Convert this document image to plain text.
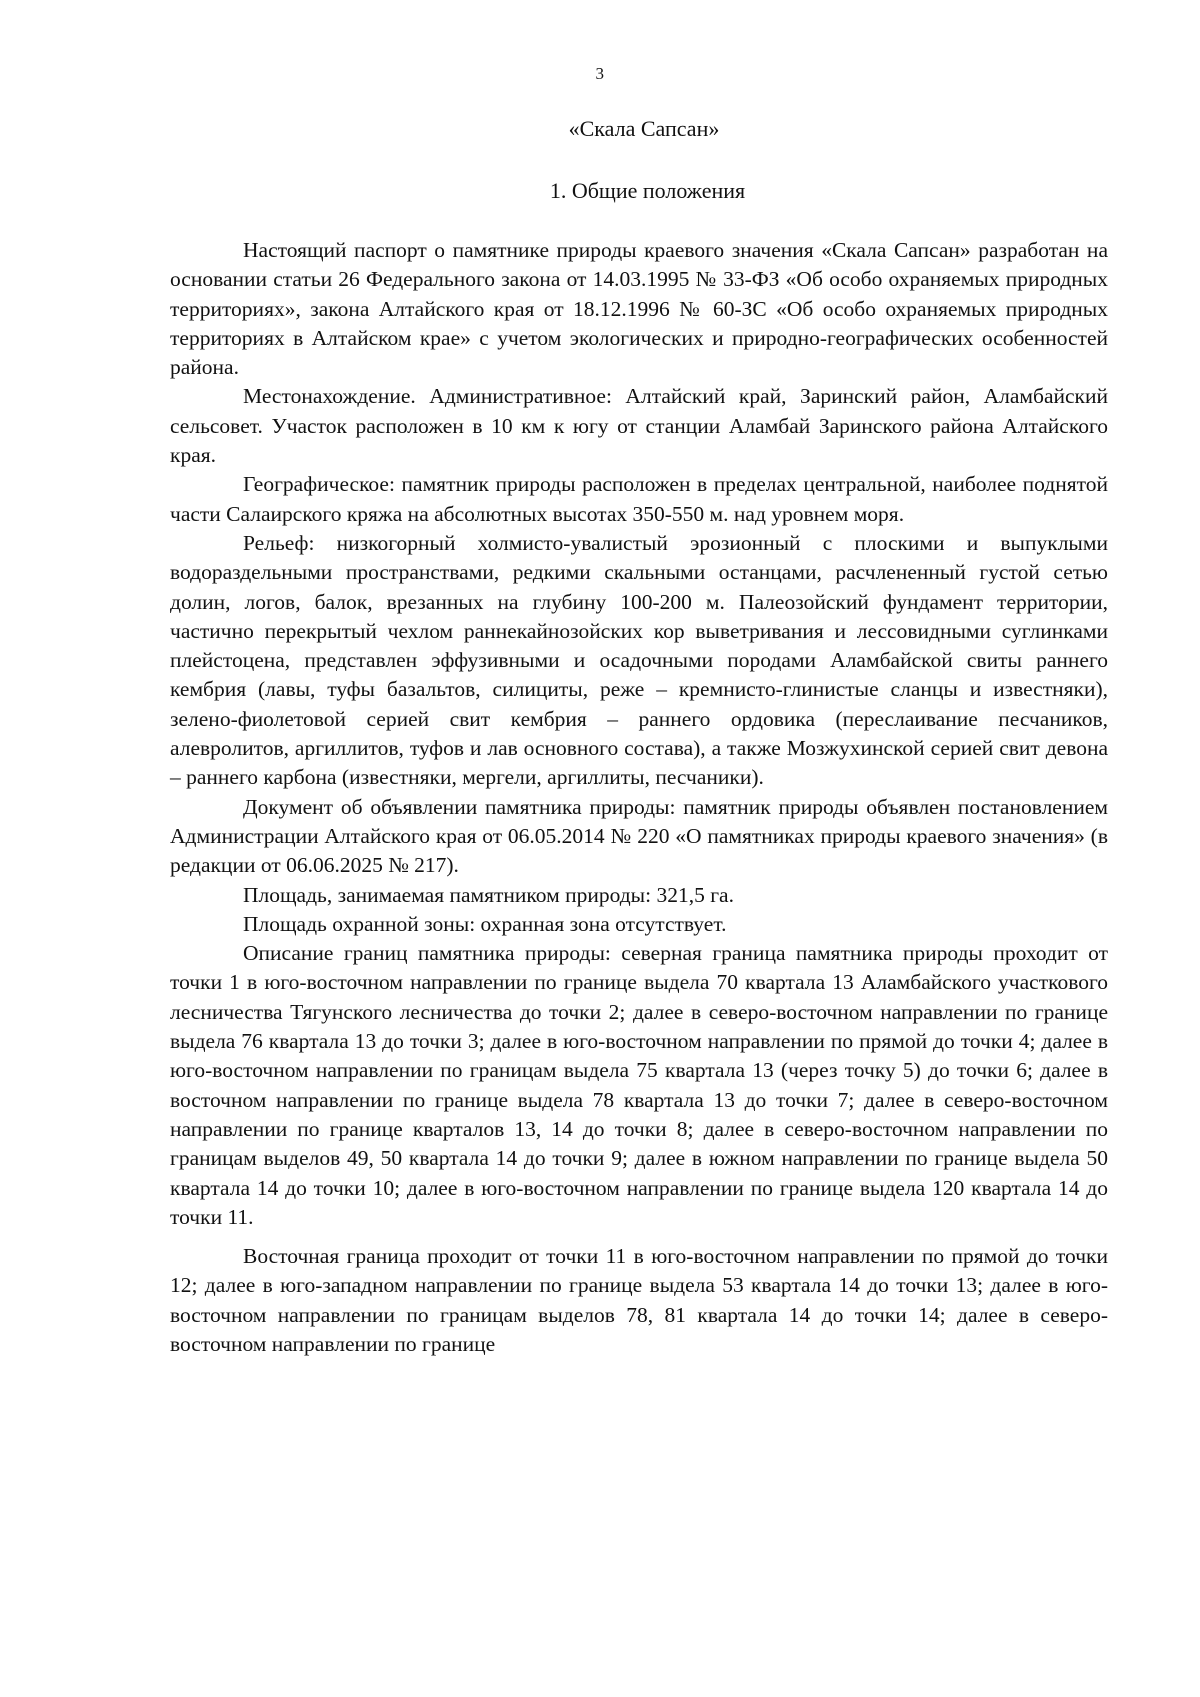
3
«Скала Сапсан»
1. Общие положения

Настоящий паспорт о памятнике природы краевого значения «Скала Сапсан» разработан на основании статьи 26 Федерального закона от 14.03.1995 № 33-ФЗ «Об особо охраняемых природных территориях», закона Алтайского края от 18.12.1996 № 60-ЗС «Об особо охраняемых природных территориях в Алтайском крае» с учетом экологических и природно-географических особенностей района.

Местонахождение. Административное: Алтайский край, Заринский район, Аламбайский сельсовет. Участок расположен в 10 км к югу от станции Аламбай Заринского района Алтайского края.

Географическое: памятник природы расположен в пределах центральной, наиболее поднятой части Салаирского кряжа на абсолютных высотах 350-550 м. над уровнем моря.

Рельеф: низкогорный холмисто-увалистый эрозионный с плоскими и выпуклыми водораздельными пространствами, редкими скальными останцами, расчлененный густой сетью долин, логов, балок, врезанных на глубину 100-200 м. Палеозойский фундамент территории, частично перекрытый чехлом раннекайнозойских кор выветривания и лессовидными суглинками плейстоцена, представлен эффузивными и осадочными породами Аламбайской свиты раннего кембрия (лавы, туфы базальтов, силициты, реже – кремнисто-глинистые сланцы и известняки), зелено-фиолетовой серией свит кембрия – раннего ордовика (переслаивание песчаников, алевролитов, аргиллитов, туфов и лав основного состава), а также Мозжухинской серией свит девона – раннего карбона (известняки, мергели, аргиллиты, песчаники).

Документ об объявлении памятника природы: памятник природы объявлен постановлением Администрации Алтайского края от 06.05.2014 № 220 «О памятниках природы краевого значения» (в редакции от 06.06.2025 № 217).

Площадь, занимаемая памятником природы: 321,5 га.

Площадь охранной зоны: охранная зона отсутствует.

Описание границ памятника природы: северная граница памятника природы проходит от точки 1 в юго-восточном направлении по границе выдела 70 квартала 13 Аламбайского участкового лесничества Тягунского лесничества до точки 2; далее в северо-восточном направлении по границе выдела 76 квартала 13 до точки 3; далее в юго-восточном направлении по прямой до точки 4; далее в юго-восточном направлении по границам выдела 75 квартала 13 (через точку 5) до точки 6; далее в восточном направлении по границе выдела 78 квартала 13 до точки 7; далее в северо-восточном направлении по границе кварталов 13, 14 до точки 8; далее в северо-восточном направлении по границам выделов 49, 50 квартала 14 до точки 9; далее в южном направлении по границе выдела 50 квартала 14 до точки 10; далее в юго-восточном направлении по границе выдела 120 квартала 14 до точки 11.

Восточная граница проходит от точки 11 в юго-восточном направлении по прямой до точки 12; далее в юго-западном направлении по границе выдела 53 квартала 14 до точки 13; далее в юго-восточном направлении по границам выделов 78, 81 квартала 14 до точки 14; далее в северо-восточном направлении по границе
